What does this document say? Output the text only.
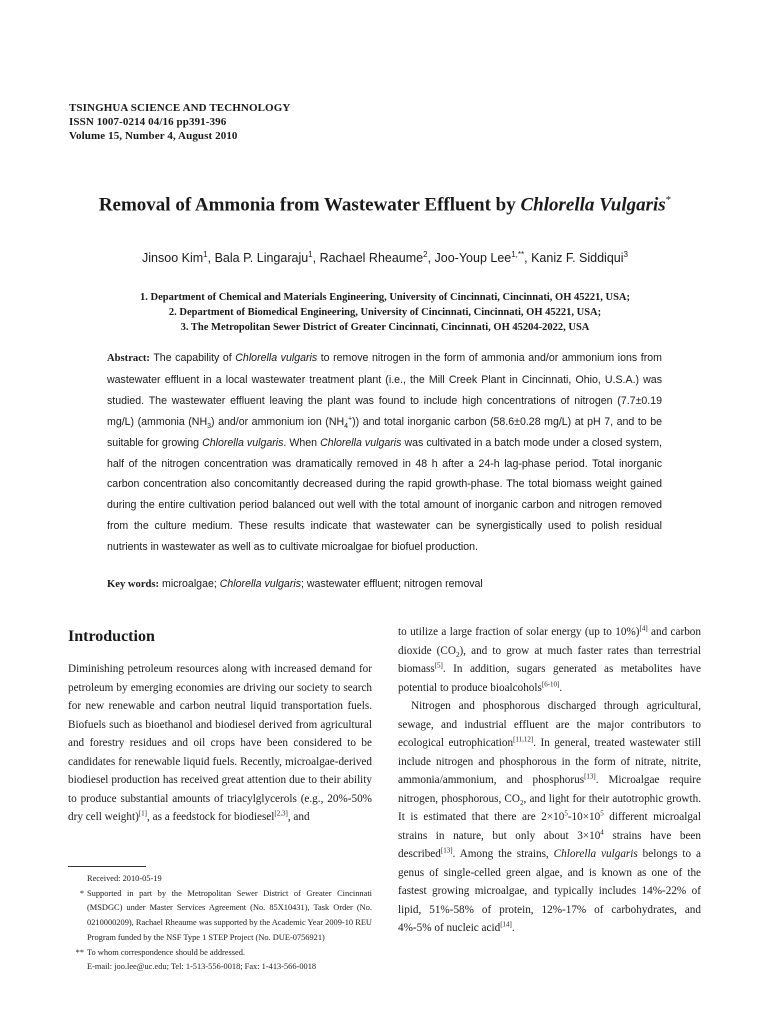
TSINGHUA SCIENCE AND TECHNOLOGY
ISSN 1007-0214 04/16 pp391-396
Volume 15, Number 4, August 2010
Removal of Ammonia from Wastewater Effluent by Chlorella Vulgaris*
Jinsoo Kim$^1$, Bala P. Lingaraju$^1$, Rachael Rheaume$^2$, Joo-Youp Lee$^{1,**}$, Kaniz F. Siddiqui$^3$
1. Department of Chemical and Materials Engineering, University of Cincinnati, Cincinnati, OH 45221, USA;
2. Department of Biomedical Engineering, University of Cincinnati, Cincinnati, OH 45221, USA;
3. The Metropolitan Sewer District of Greater Cincinnati, Cincinnati, OH 45204-2022, USA
Abstract: The capability of Chlorella vulgaris to remove nitrogen in the form of ammonia and/or ammonium ions from wastewater effluent in a local wastewater treatment plant (i.e., the Mill Creek Plant in Cincinnati, Ohio, U.S.A.) was studied. The wastewater effluent leaving the plant was found to include high concentrations of nitrogen (7.7±0.19 mg/L) (ammonia $(NH_3)$ and/or ammonium ion $(NH_4^+)$) and total inorganic carbon (58.6±0.28 mg/L) at pH 7, and to be suitable for growing Chlorella vulgaris. When Chlorella vulgaris was cultivated in a batch mode under a closed system, half of the nitrogen concentration was dramatically removed in 48 h after a 24-h lag-phase period. Total inorganic carbon concentration also concomitantly decreased during the rapid growth-phase. The total biomass weight gained during the entire cultivation period balanced out well with the total amount of inorganic carbon and nitrogen removed from the culture medium. These results indicate that wastewater can be synergistically used to polish residual nutrients in wastewater as well as to cultivate microalgae for biofuel production.
Key words: microalgae; Chlorella vulgaris; wastewater effluent; nitrogen removal
Introduction

Diminishing petroleum resources along with increased demand for petroleum by emerging economies are driving our society to search for new renewable and carbon neutral liquid transportation fuels. Biofuels such as bioethanol and biodiesel derived from agricultural and forestry residues and oil crops have been considered to be candidates for renewable liquid fuels. Recently, microalgae-derived biodiesel production has received great attention due to their ability to produce substantial amounts of triacylglycerols (e.g., 20%-50% dry cell weight)[1], as a feedstock for biodiesel[2,3], and

Received: 2010-05-19
* Supported in part by the Metropolitan Sewer District of Greater Cincinnati (MSDGC) under Master Services Agreement (No. 85X10431), Task Order (No. 0210000209), Rachael Rheaume was supported by the Academic Year 2009-10 REU Program funded by the NSF Type 1 STEP Project (No. DUE-0756921)
** To whom correspondence should be addressed.
E-mail: joo.lee@uc.edu; Tel: 1-513-556-0018; Fax: 1-413-566-0018

to utilize a large fraction of solar energy (up to 10%)[4] and carbon dioxide $(CO_2)$, and to grow at much faster rates than terrestrial biomass[5]. In addition, sugars generated as metabolites have potential to produce bioalcohols[6-10].

Nitrogen and phosphorous discharged through agricultural, sewage, and industrial effluent are the major contributors to ecological eutrophication[11,12]. In general, treated wastewater still include nitrogen and phosphorous in the form of nitrate, nitrite, ammonia/ammonium, and phosphorus[13]. Microalgae require nitrogen, phosphorous, $CO_2$, and light for their autotrophic growth. It is estimated that there are $2\times 10^5-10\times 10^5$ different microalgal strains in nature, but only about $3\times 10^4$ strains have been described[13]. Among the strains, Chlorella vulgaris belongs to a genus of single-celled green algae, and is known as one of the fastest growing microalgae, and typically includes 14%-22% of lipid, 51%-58% of protein, 12%-17% of carbohydrates, and 4%-5% of nucleic acid[14].
